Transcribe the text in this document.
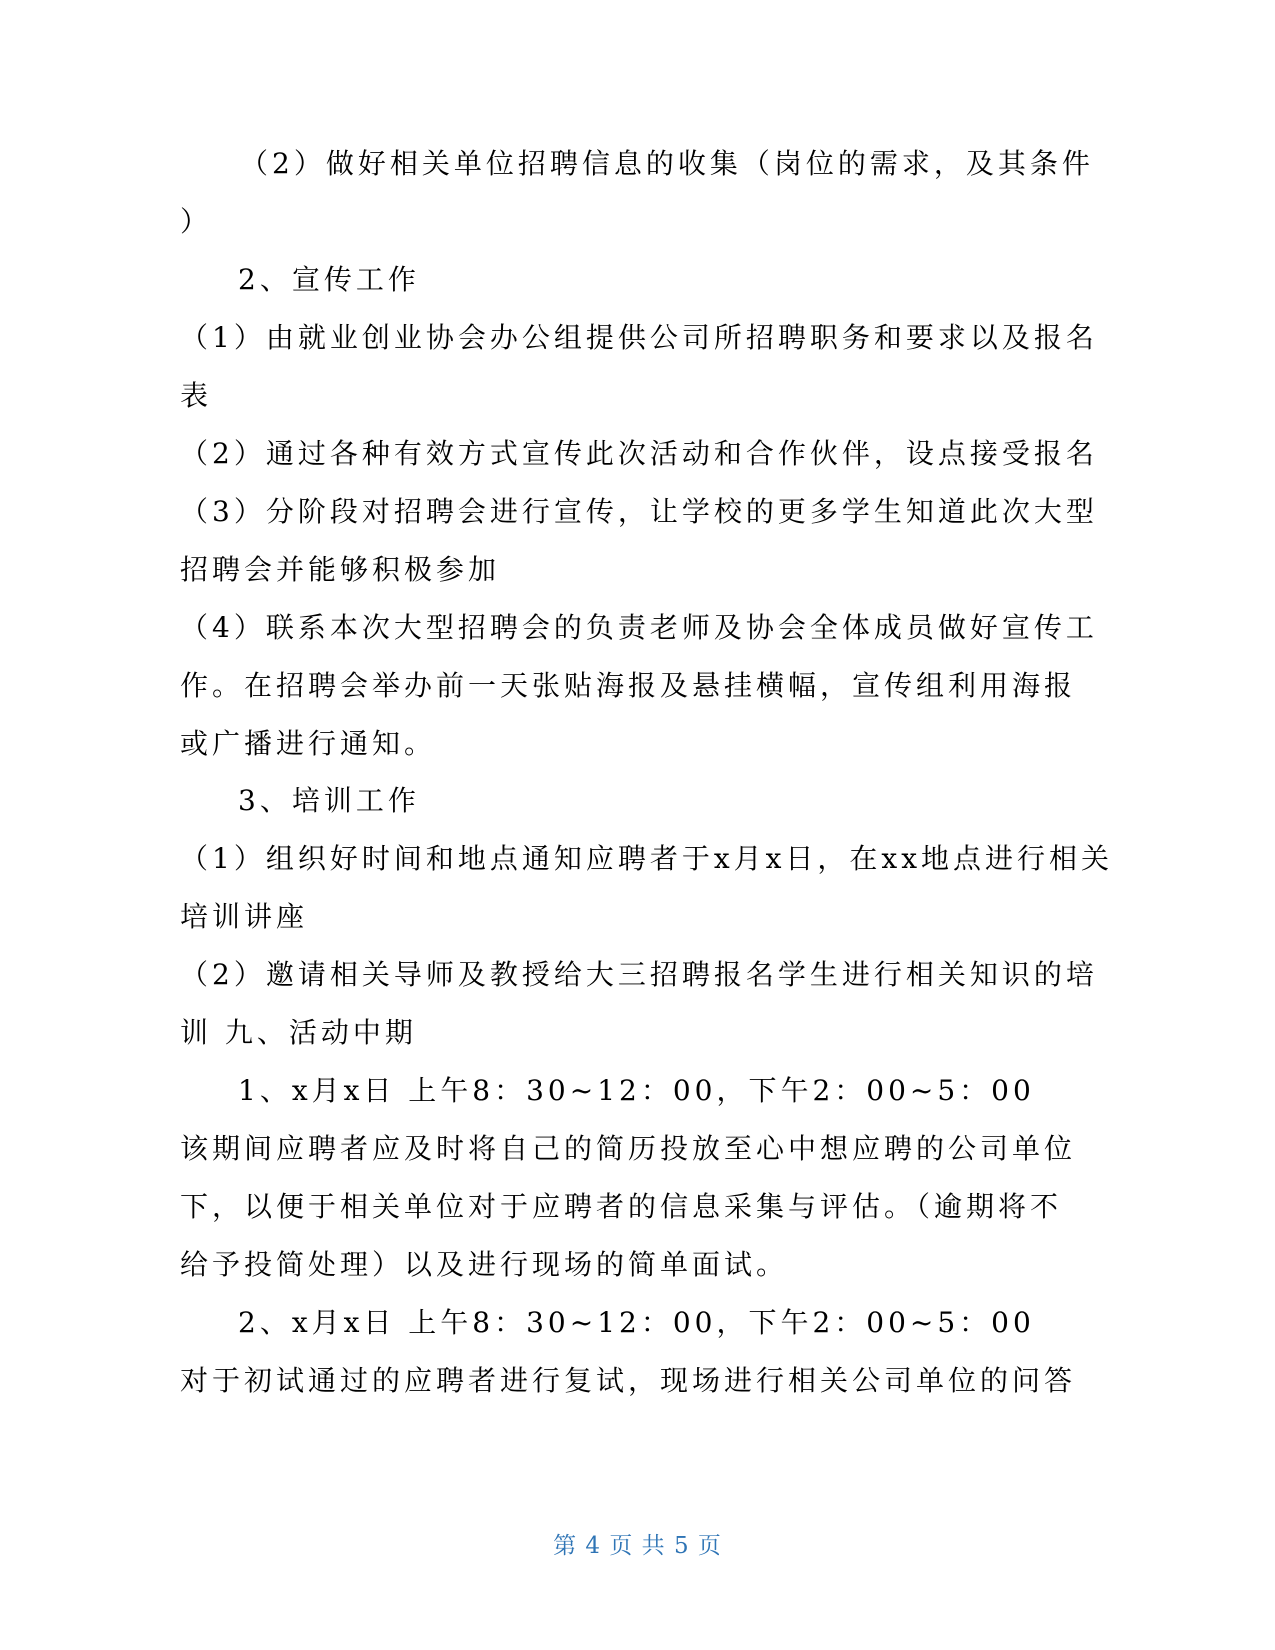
（2）做好相关单位招聘信息的收集（岗位的需求，及其条件
）
2、宣传工作
（1）由就业创业协会办公组提供公司所招聘职务和要求以及报名
表
（2）通过各种有效方式宣传此次活动和合作伙伴，设点接受报名
（3）分阶段对招聘会进行宣传，让学校的更多学生知道此次大型
招聘会并能够积极参加
（4）联系本次大型招聘会的负责老师及协会全体成员做好宣传工
作。在招聘会举办前一天张贴海报及悬挂横幅，宣传组利用海报
或广播进行通知。
3、培训工作
（1）组织好时间和地点通知应聘者于x月x日，在xx地点进行相关
培训讲座
（2）邀请相关导师及教授给大三招聘报名学生进行相关知识的培
训 九、活动中期
1、x月x日 上午8：30~12：00，下午2：00~5：00
该期间应聘者应及时将自己的简历投放至心中想应聘的公司单位
下，以便于相关单位对于应聘者的信息采集与评估。（逾期将不
给予投简处理）以及进行现场的简单面试。
2、x月x日 上午8：30~12：00，下午2：00~5：00
对于初试通过的应聘者进行复试，现场进行相关公司单位的问答
第 4 页 共 5 页
